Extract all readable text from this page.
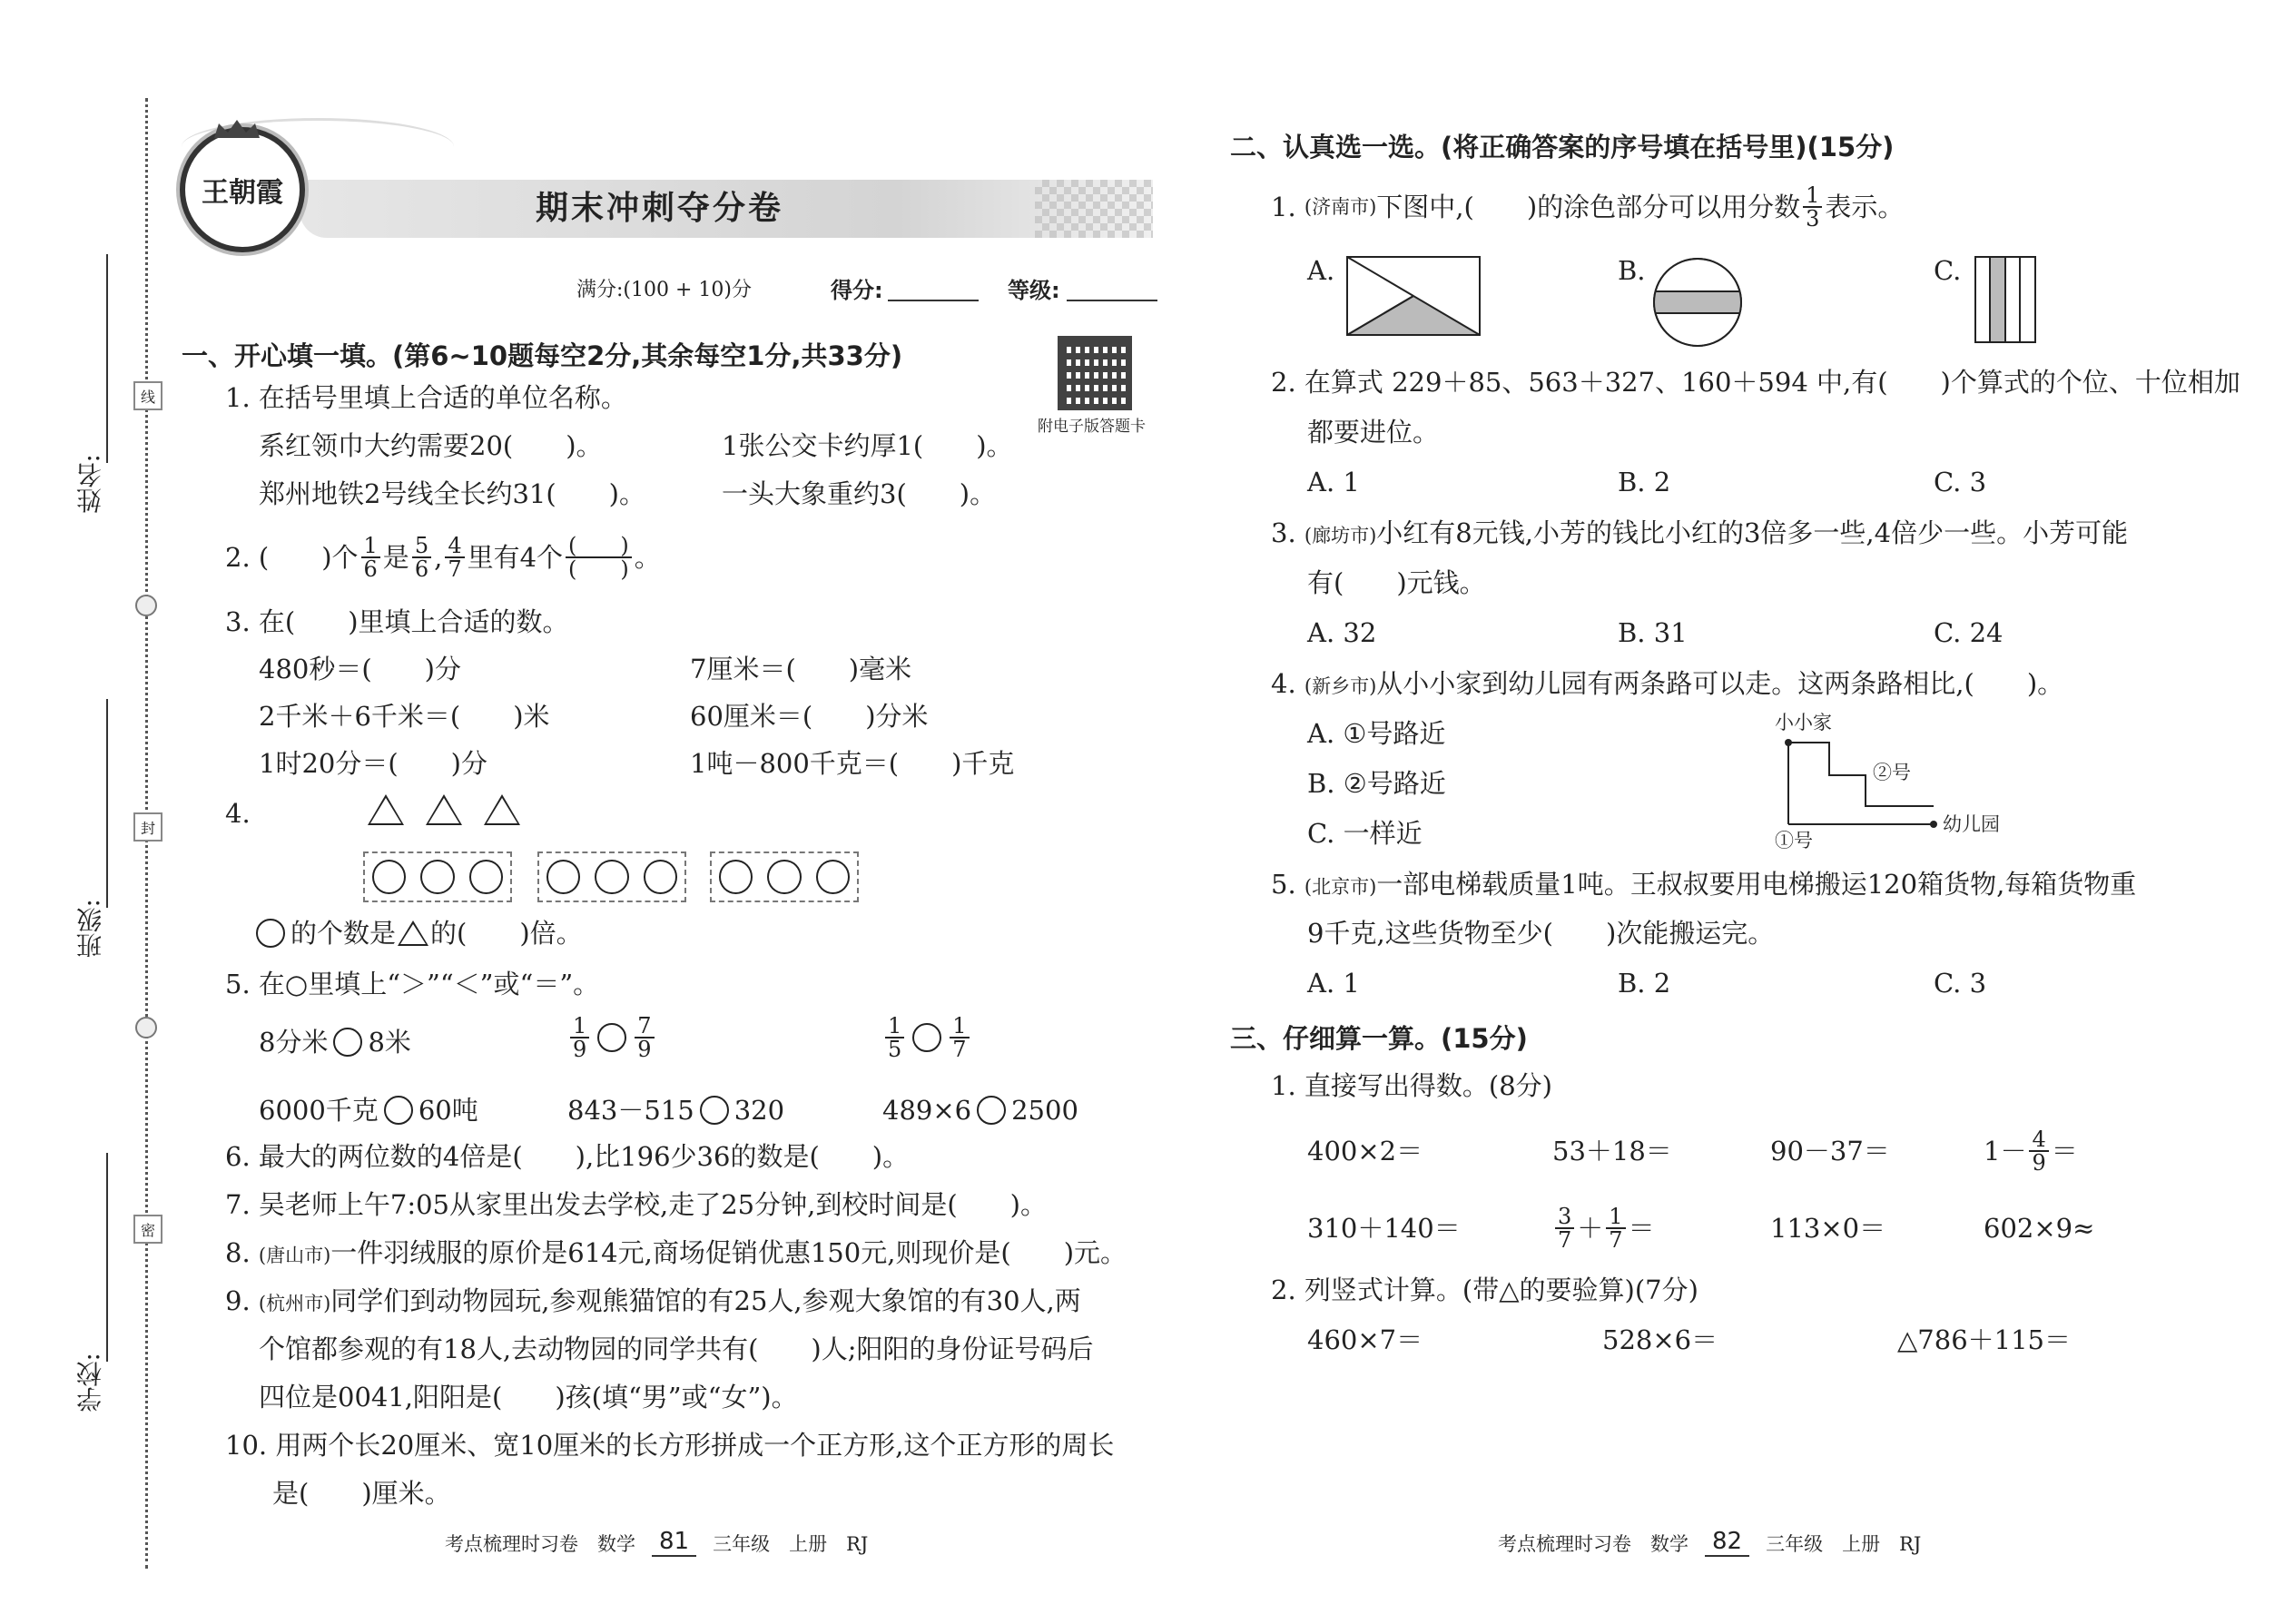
姓名:
班级:
学校:
线
封
密
王朝霞	期末冲刺夺分卷
满分:(100 + 10)分	得分:	等级:
附电子版答题卡
一、开心填一填。(第6~10题每空2分,其余每空1分,共33分)
1. 在括号里填上合适的单位名称。
系红领巾大约需要20(　　)。	1张公交卡约厚1(　　)。
郑州地铁2号线全长约31(　　)。	一头大象重约3(　　)。
2. (　　)个 $\frac{1}{6}$ 是 $\frac{5}{6}$ , $\frac{4}{7}$ 里有4个 $\frac{( )}{( )}$ 。
3. 在(　　)里填上合适的数。
480秒＝(　　)分	7厘米＝(　　)毫米
2千米＋6千米＝(　　)米	60厘米＝(　　)分米
1时20分＝(　　)分	1吨－800千克＝(　　)千克
4.
的个数是 的(　　)倍。
5. 在○里填上“＞”“＜”或“＝”。
8分米 8米	$\frac{1}{9} \frac{7}{9}$	$\frac{1}{5} \frac{1}{7}$
6000千克 60吨	843－515 320	489×6 2500
6. 最大的两位数的4倍是(　　),比196少36的数是(　　)。
7. 吴老师上午7:05从家里出发去学校,走了25分钟,到校时间是(　　)。
8. (唐山市)一件羽绒服的原价是614元,商场促销优惠150元,则现价是(　　)元。
9. (杭州市)同学们到动物园玩,参观熊猫馆的有25人,参观大象馆的有30人,两
个馆都参观的有18人,去动物园的同学共有(　　)人;阳阳的身份证号码后
四位是0041,阳阳是(　　)孩(填“男”或“女”)。
10. 用两个长20厘米、宽10厘米的长方形拼成一个正方形,这个正方形的周长
是(　　)厘米。
考点梳理时习卷　数学	81	三年级　上册　RJ
二、认真选一选。(将正确答案的序号填在括号里)(15分)
1.
(济南市) 下图中,(　　)的涂色部分可以用分数 $\frac{1}{3}$ 表示。
A.	B.	C.
2. 在算式 229＋85、563＋327、160＋594 中,有(　　)个算式的个位、十位相加
都要进位。
A. 1	B. 2	C. 3
3. (廊坊市)小红有8元钱,小芳的钱比小红的3倍多一些,4倍少一些。小芳可能
有(　　)元钱。
A. 32	B. 31	C. 24
4. (新乡市)从小小家到幼儿园有两条路可以走。这两条路相比,(　　)。
A. ①号路近
B. ②号路近
C. 一样近
小小家
②号
幼儿园
①号
5. (北京市)一部电梯载质量1吨。王叔叔要用电梯搬运120箱货物,每箱货物重
9千克,这些货物至少(　　)次能搬运完。
A. 1	B. 2	C. 3
三、仔细算一算。(15分)
1. 直接写出得数。(8分)
400×2＝	53＋18＝	90－37＝	$1- \frac{4}{9}$ ＝
310＋140＝	$\frac{3}{7} + \frac{1}{7}$ ＝	113×0＝	602×9≈
2. 列竖式计算。(带△的要验算)(7分)
460×7＝	528×6＝	△786＋115＝
考点梳理时习卷　数学	82	三年级　上册　RJ
